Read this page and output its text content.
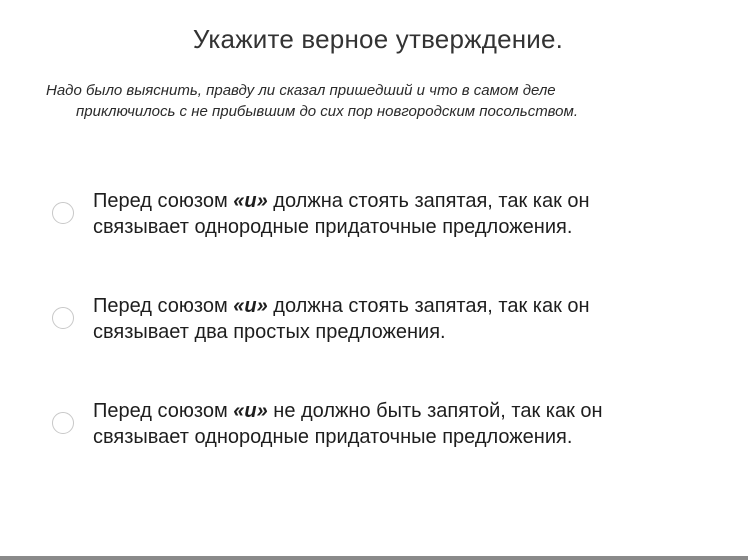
Укажите верное утверждение.
Надо было выяснить, правду ли сказал пришедший и что в самом деле
приключилось с не прибывшим до сих пор новгородским посольством.
Перед союзом «и» должна стоять запятая, так как он
связывает однородные придаточные предложения.
Перед союзом «и» должна стоять запятая, так как он
связывает два простых предложения.
Перед союзом «и» не должно быть запятой, так как он
связывает однородные придаточные предложения.
